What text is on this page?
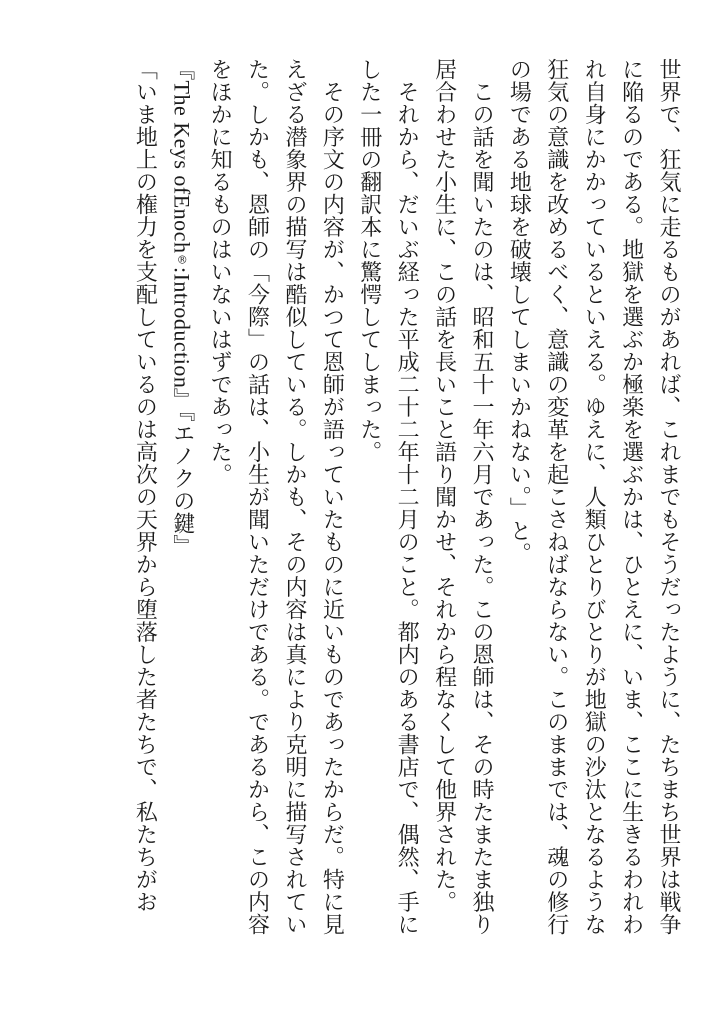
世界で、狂気に走るものがあれば、これまでもそうだったように、たちまち世界は戦争
に陥るのである。地獄を選ぶか極楽を選ぶかは、ひとえに、いま、ここに生きるわれわ
れ自身にかかっているといえる。ゆえに、人類ひとりびとりが地獄の沙汰となるような
狂気の意識を改めるべく、意識の変革を起こさねばならない。このままでは、魂の修行
の場である地球を破壊してしまいかねない。」と。
　この話を聞いたのは、昭和五十一年六月であった。この恩師は、その時たまたま独り
居合わせた小生に、この話を長いこと語り聞かせ、それから程なくして他界された。
　それから、だいぶ経った平成二十二年十二月のこと。都内のある書店で、偶然、手に
した一冊の翻訳本に驚愕してしまった。
　その序文の内容が、かつて恩師が語っていたものに近いものであったからだ。特に見
えざる潜象界の描写は酷似している。しかも、その内容は真により克明に描写されてい
た。しかも、恩師の「今際」の話は、小生が聞いただけである。であるから、この内容
をほかに知るものはいないはずであった。
『The Keys ofEnoch®:Introduction』『エノクの鍵』
「いま地上の権力を支配しているのは高次の天界から堕落した者たちで、私たちがお
